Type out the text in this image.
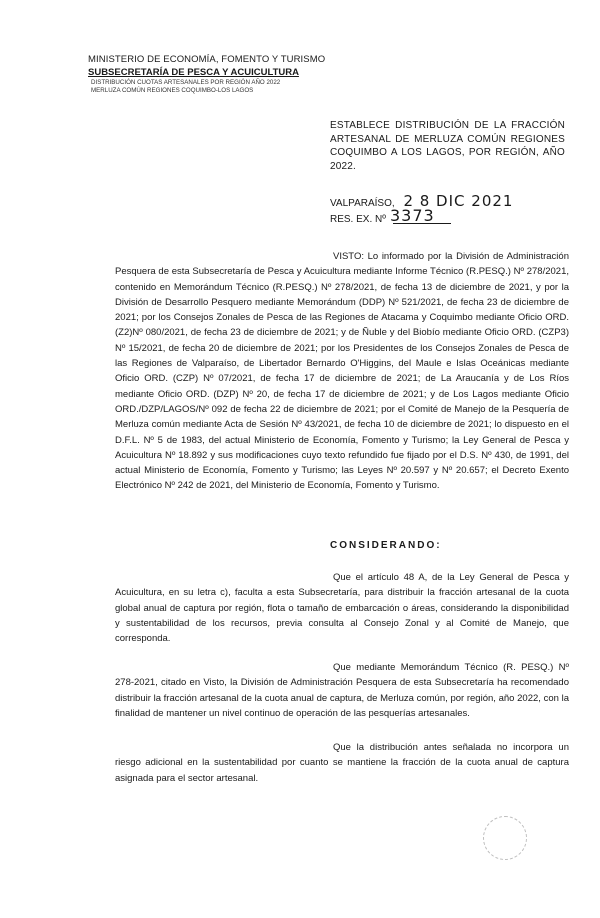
MINISTERIO DE ECONOMÍA, FOMENTO Y TURISMO
SUBSECRETARÍA DE PESCA Y ACUICULTURA
DISTRIBUCIÓN CUOTAS ARTESANALES POR REGIÓN AÑO 2022
MERLUZA COMÚN REGIONES COQUIMBO-LOS LAGOS
ESTABLECE DISTRIBUCIÓN DE LA FRACCIÓN ARTESANAL DE MERLUZA COMÚN REGIONES COQUIMBO A LOS LAGOS, POR REGIÓN, AÑO 2022.
VALPARAÍSO, 2 8 DIC 2021
RES. EX. Nº 3373
VISTO: Lo informado por la División de Administración Pesquera de esta Subsecretaría de Pesca y Acuicultura mediante Informe Técnico (R.PESQ.) Nº 278/2021, contenido en Memorándum Técnico (R.PESQ.) Nº 278/2021, de fecha 13 de diciembre de 2021, y por la División de Desarrollo Pesquero mediante Memorándum (DDP) Nº 521/2021, de fecha 23 de diciembre de 2021; por los Consejos Zonales de Pesca de las Regiones de Atacama y Coquimbo mediante Oficio ORD. (Z2)Nº 080/2021, de fecha 23 de diciembre de 2021; y de Ñuble y del Biobío mediante Oficio ORD. (CZP3) Nº 15/2021, de fecha 20 de diciembre de 2021; por los Presidentes de los Consejos Zonales de Pesca de las Regiones de Valparaíso, de Libertador Bernardo O'Higgins, del Maule e Islas Oceánicas mediante Oficio ORD. (CZP) Nº 07/2021, de fecha 17 de diciembre de 2021; de La Araucanía y de Los Ríos mediante Oficio ORD. (DZP) Nº 20, de fecha 17 de diciembre de 2021; y de Los Lagos mediante Oficio ORD./DZP/LAGOS/Nº 092 de fecha 22 de diciembre de 2021; por el Comité de Manejo de la Pesquería de Merluza común mediante Acta de Sesión Nº 43/2021, de fecha 10 de diciembre de 2021; lo dispuesto en el D.F.L. Nº 5 de 1983, del actual Ministerio de Economía, Fomento y Turismo; la Ley General de Pesca y Acuicultura Nº 18.892 y sus modificaciones cuyo texto refundido fue fijado por el D.S. Nº 430, de 1991, del actual Ministerio de Economía, Fomento y Turismo; las Leyes Nº 20.597 y Nº 20.657; el Decreto Exento Electrónico Nº 242 de 2021, del Ministerio de Economía, Fomento y Turismo.
CONSIDERANDO:
Que el artículo 48 A, de la Ley General de Pesca y Acuicultura, en su letra c), faculta a esta Subsecretaría, para distribuir la fracción artesanal de la cuota global anual de captura por región, flota o tamaño de embarcación o áreas, considerando la disponibilidad y sustentabilidad de los recursos, previa consulta al Consejo Zonal y al Comité de Manejo, que corresponda.
Que mediante Memorándum Técnico (R. PESQ.) Nº 278-2021, citado en Visto, la División de Administración Pesquera de esta Subsecretaría ha recomendado distribuir la fracción artesanal de la cuota anual de captura, de Merluza común, por región, año 2022, con la finalidad de mantener un nivel continuo de operación de las pesquerías artesanales.
Que la distribución antes señalada no incorpora un riesgo adicional en la sustentabilidad por cuanto se mantiene la fracción de la cuota anual de captura asignada para el sector artesanal.
